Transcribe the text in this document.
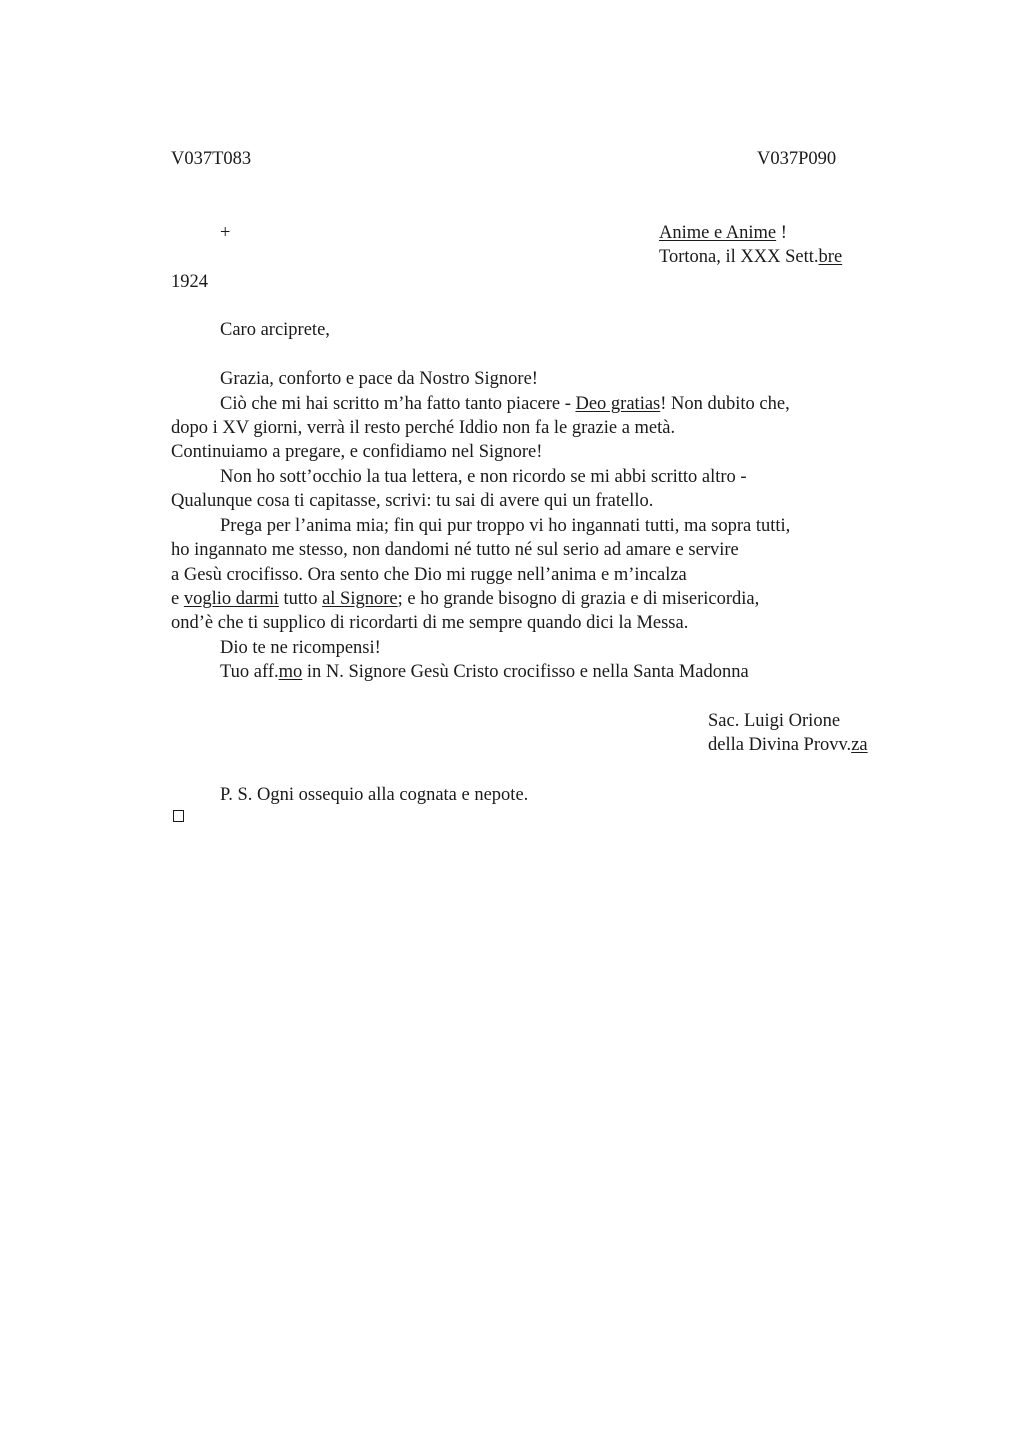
V037T083	V037P090
+	Anime e Anime !
Tortona, il XXX Sett.bre
1924
Caro arciprete,
Grazia, conforto e pace da Nostro Signore!
Ciò che mi hai scritto m’ha fatto tanto piacere - Deo gratias! Non dubito che,
dopo i XV giorni, verrà il resto perché Iddio non fa le grazie a metà.
Continuiamo a pregare, e confidiamo nel Signore!
Non ho sott’occhio la tua lettera, e non ricordo se mi abbi scritto altro -
Qualunque cosa ti capitasse, scrivi: tu sai di avere qui un fratello.
Prega per l’anima mia; fin qui pur troppo vi ho ingannati tutti, ma sopra tutti,
ho ingannato me stesso, non dandomi né tutto né sul serio ad amare e servire
a Gesù crocifisso. Ora sento che Dio mi rugge nell’anima e m’incalza
e voglio darmi tutto al Signore; e ho grande bisogno di grazia e di misericordia,
ond’è che ti supplico di ricordarti di me sempre quando dici la Messa.
Dio te ne ricompensi!
Tuo aff.mo in N. Signore Gesù Cristo crocifisso e nella Santa Madonna
Sac. Luigi Orione
della Divina Provv.za
P. S. Ogni ossequio alla cognata e nepote.
